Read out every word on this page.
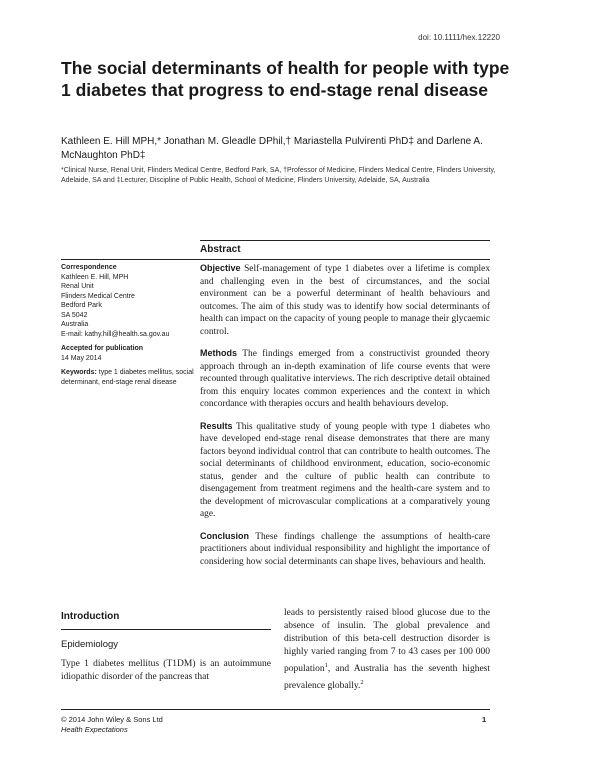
doi: 10.1111/hex.12220
The social determinants of health for people with type 1 diabetes that progress to end-stage renal disease
Kathleen E. Hill MPH,* Jonathan M. Gleadle DPhil,† Mariastella Pulvirenti PhD‡ and Darlene A. McNaughton PhD‡
*Clinical Nurse, Renal Unit, Flinders Medical Centre, Bedford Park, SA, †Professor of Medicine, Flinders Medical Centre, Flinders University, Adelaide, SA and ‡Lecturer, Discipline of Public Health, School of Medicine, Flinders University, Adelaide, SA, Australia
Abstract
Correspondence
Kathleen E. Hill, MPH
Renal Unit
Flinders Medical Centre
Bedford Park
SA 5042
Australia
E-mail: kathy.hill@health.sa.gov.au
Accepted for publication
14 May 2014
Keywords: type 1 diabetes mellitus, social determinant, end-stage renal disease

Objective Self-management of type 1 diabetes over a lifetime is complex and challenging even in the best of circumstances, and the social environment can be a powerful determinant of health behaviours and outcomes. The aim of this study was to identify how social determinants of health can impact on the capacity of young people to manage their glycaemic control.

Methods The findings emerged from a constructivist grounded theory approach through an in-depth examination of life course events that were recounted through qualitative interviews. The rich descriptive detail obtained from this enquiry locates common experiences and the context in which concordance with therapies occurs and health behaviours develop.

Results This qualitative study of young people with type 1 diabetes who have developed end-stage renal disease demonstrates that there are many factors beyond individual control that can contribute to health outcomes. The social determinants of childhood environment, education, socio-economic status, gender and the culture of public health can contribute to disengagement from treatment regimens and the health-care system and to the development of microvascular complications at a comparatively young age.

Conclusion These findings challenge the assumptions of health-care practitioners about individual responsibility and highlight the importance of considering how social determinants can shape lives, behaviours and health.

Introduction
Epidemiology

Type 1 diabetes mellitus (T1DM) is an autoimmune idiopathic disorder of the pancreas that

leads to persistently raised blood glucose due to the absence of insulin. The global prevalence and distribution of this beta-cell destruction disorder is highly varied ranging from 7 to 43 cases per 100 000 population$^1$, and Australia has the seventh highest prevalence globally.$^2$

© 2014 John Wiley & Sons Ltd
Health Expectations
1
